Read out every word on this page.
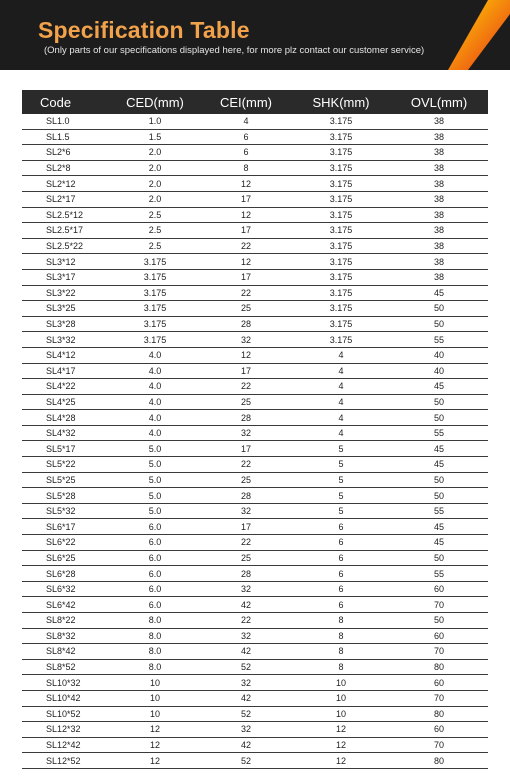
Specification Table
(Only parts of our specifications displayed here, for more plz contact our customer service)
Code	CED(mm)	CEI(mm)	SHK(mm)	OVL(mm)
SL1.0	1.0	4	3.175	38
SL1.5	1.5	6	3.175	38
SL2*6	2.0	6	3.175	38
SL2*8	2.0	8	3.175	38
SL2*12	2.0	12	3.175	38
SL2*17	2.0	17	3.175	38
SL2.5*12	2.5	12	3.175	38
SL2.5*17	2.5	17	3.175	38
SL2.5*22	2.5	22	3.175	38
SL3*12	3.175	12	3.175	38
SL3*17	3.175	17	3.175	38
SL3*22	3.175	22	3.175	45
SL3*25	3.175	25	3.175	50
SL3*28	3.175	28	3.175	50
SL3*32	3.175	32	3.175	55
SL4*12	4.0	12	4	40
SL4*17	4.0	17	4	40
SL4*22	4.0	22	4	45
SL4*25	4.0	25	4	50
SL4*28	4.0	28	4	50
SL4*32	4.0	32	4	55
SL5*17	5.0	17	5	45
SL5*22	5.0	22	5	45
SL5*25	5.0	25	5	50
SL5*28	5.0	28	5	50
SL5*32	5.0	32	5	55
SL6*17	6.0	17	6	45
SL6*22	6.0	22	6	45
SL6*25	6.0	25	6	50
SL6*28	6.0	28	6	55
SL6*32	6.0	32	6	60
SL6*42	6.0	42	6	70
SL8*22	8.0	22	8	50
SL8*32	8.0	32	8	60
SL8*42	8.0	42	8	70
SL8*52	8.0	52	8	80
SL10*32	10	32	10	60
SL10*42	10	42	10	70
SL10*52	10	52	10	80
SL12*32	12	32	12	60
SL12*42	12	42	12	70
SL12*52	12	52	12	80
